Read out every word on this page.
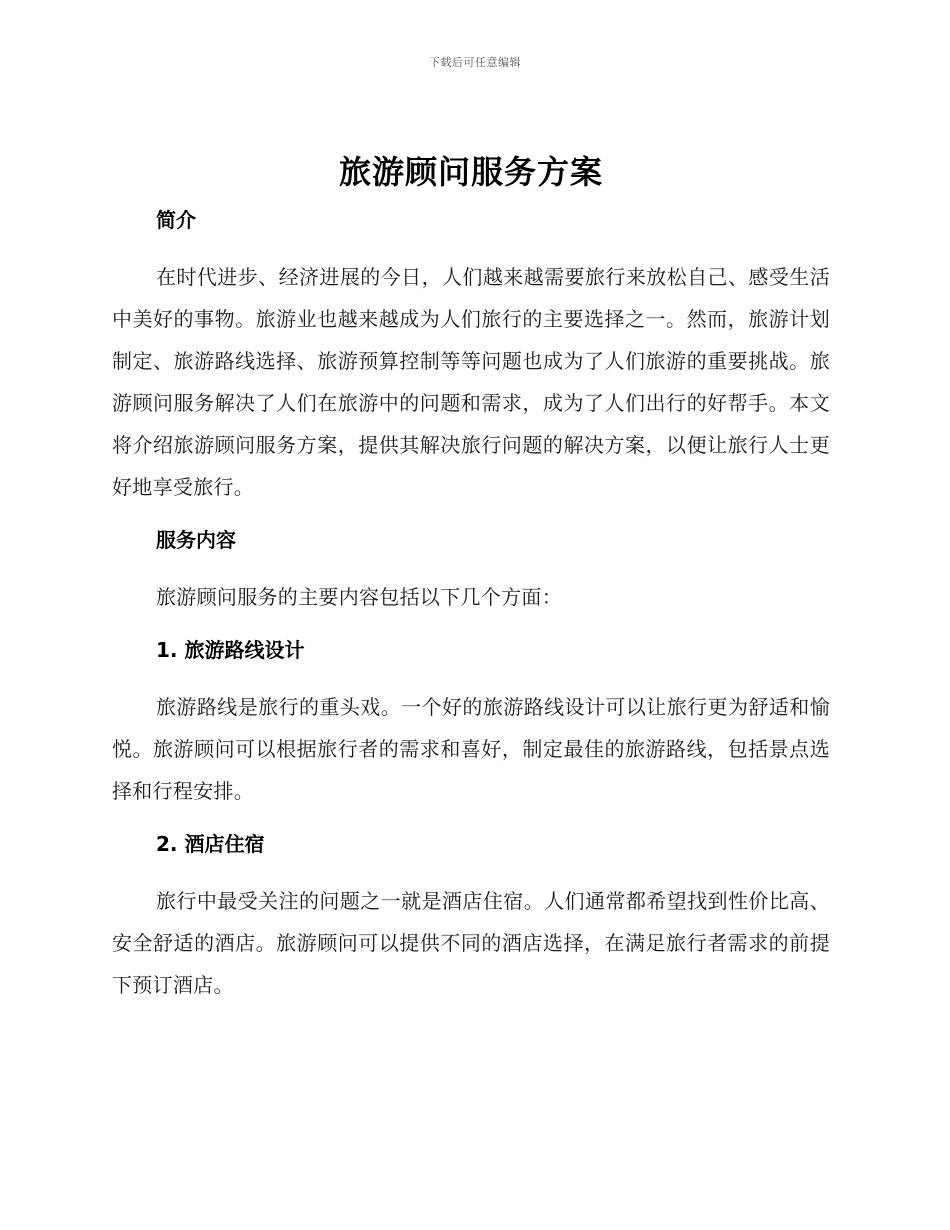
下载后可任意编辑
旅游顾问服务方案
简介

在时代进步、经济进展的今日，人们越来越需要旅行来放松自己、感受生活中美好的事物。旅游业也越来越成为人们旅行的主要选择之一。然而，旅游计划制定、旅游路线选择、旅游预算控制等等问题也成为了人们旅游的重要挑战。旅游顾问服务解决了人们在旅游中的问题和需求，成为了人们出行的好帮手。本文将介绍旅游顾问服务方案，提供其解决旅行问题的解决方案，以便让旅行人士更好地享受旅行。

服务内容

旅游顾问服务的主要内容包括以下几个方面：

1. 旅游路线设计

旅游路线是旅行的重头戏。一个好的旅游路线设计可以让旅行更为舒适和愉悦。旅游顾问可以根据旅行者的需求和喜好，制定最佳的旅游路线，包括景点选择和行程安排。

2. 酒店住宿

旅行中最受关注的问题之一就是酒店住宿。人们通常都希望找到性价比高、安全舒适的酒店。旅游顾问可以提供不同的酒店选择，在满足旅行者需求的前提下预订酒店。
